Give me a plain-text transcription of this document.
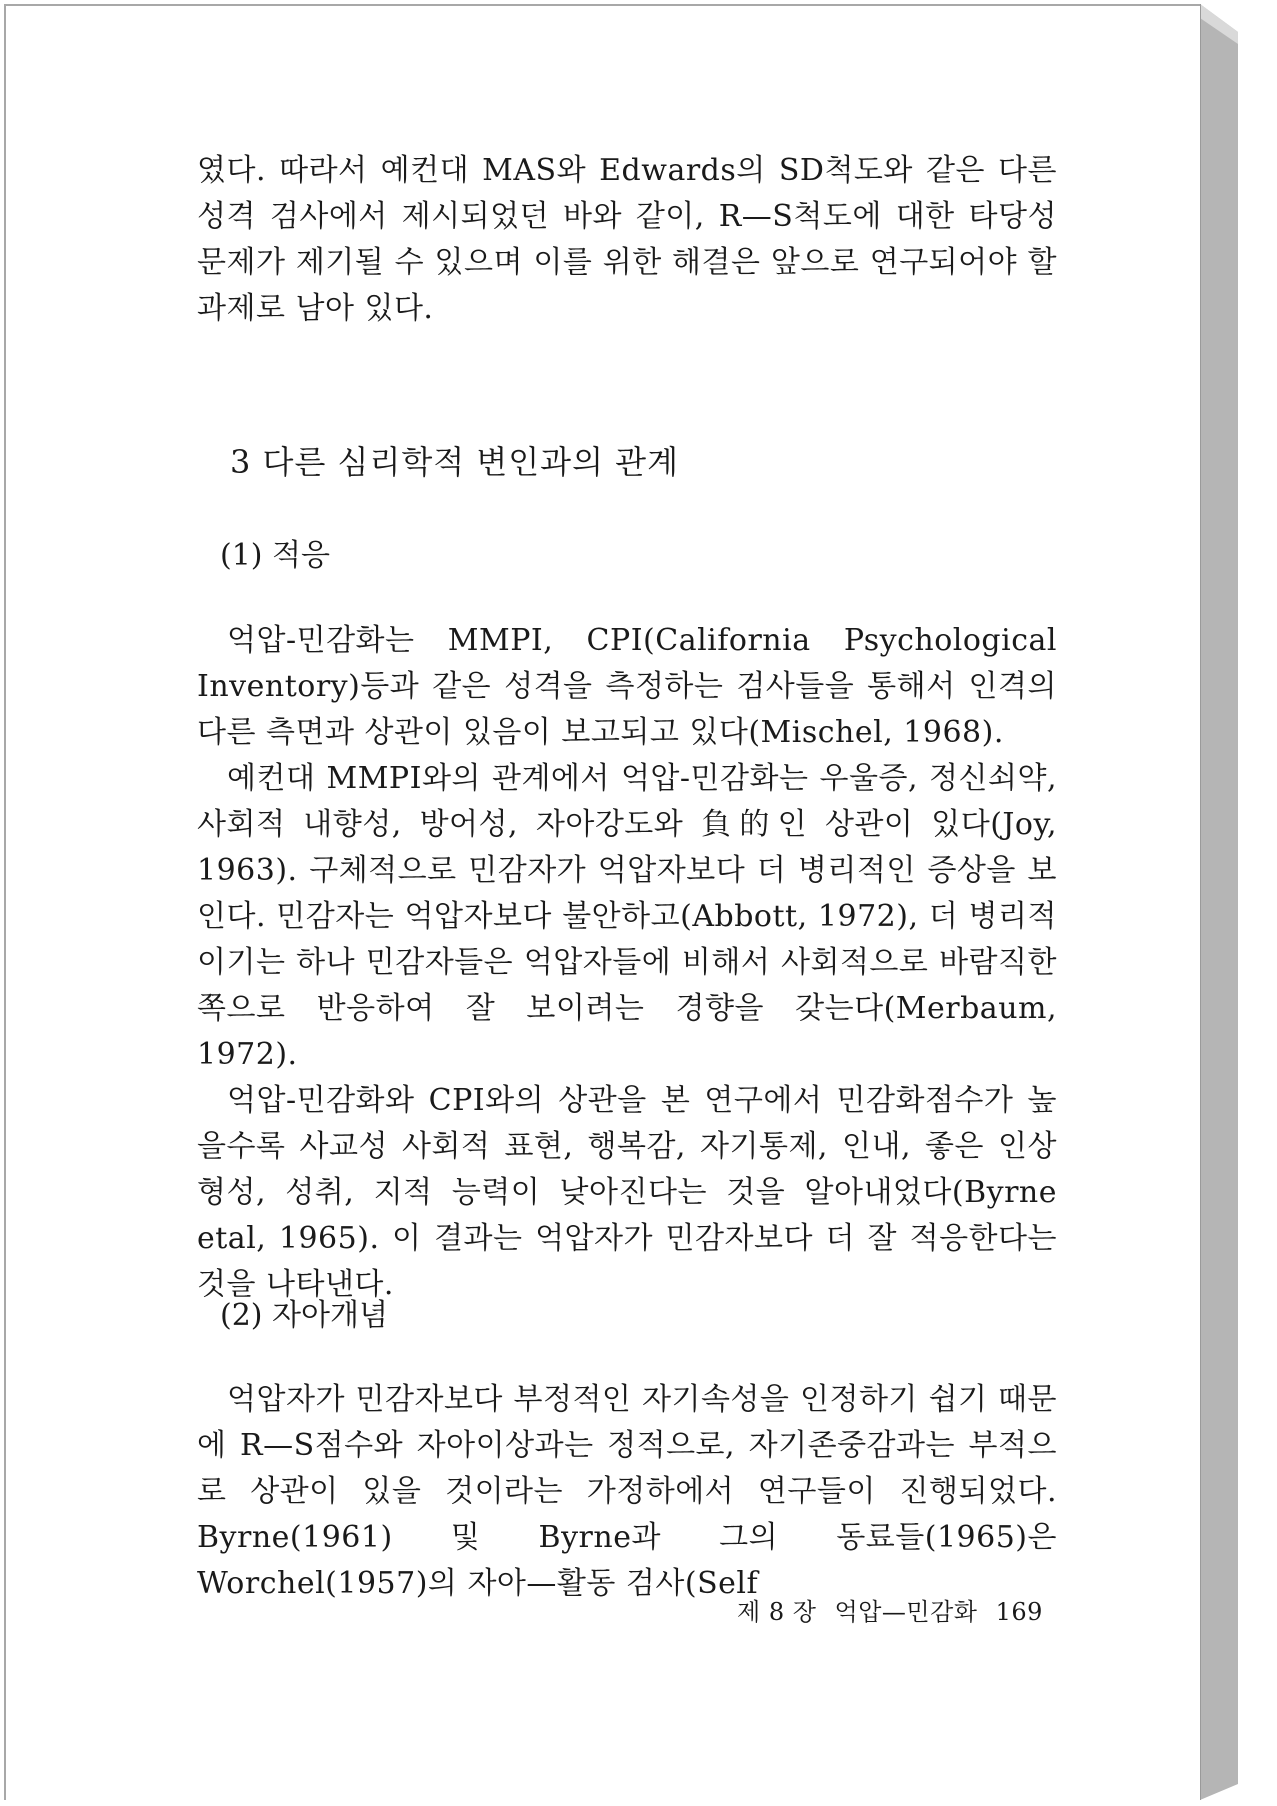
였다. 따라서 예컨대 MAS와 Edwards의 SD척도와 같은 다른 성격 검사에서 제시되었던 바와 같이, R—S척도에 대한 타당성 문제가 제기될 수 있으며 이를 위한 해결은 앞으로 연구되어야 할 과제로 남아 있다.

3 다른 심리학적 변인과의 관계
(1) 적응

억압-민감화는 MMPI, CPI(California Psychological Inventory)등과 같은 성격을 측정하는 검사들을 통해서 인격의 다른 측면과 상관이 있음이 보고되고 있다(Mischel, 1968).

예컨대 MMPI와의 관계에서 억압-민감화는 우울증, 정신쇠약, 사회적 내향성, 방어성, 자아강도와 負的인 상관이 있다(Joy, 1963). 구체적으로 민감자가 억압자보다 더 병리적인 증상을 보인다. 민감자는 억압자보다 불안하고(Abbott, 1972), 더 병리적이기는 하나 민감자들은 억압자들에 비해서 사회적으로 바람직한 쪽으로 반응하여 잘 보이려는 경향을 갖는다(Merbaum, 1972).

억압-민감화와 CPI와의 상관을 본 연구에서 민감화점수가 높을수록 사교성 사회적 표현, 행복감, 자기통제, 인내, 좋은 인상 형성, 성취, 지적 능력이 낮아진다는 것을 알아내었다(Byrne etal, 1965). 이 결과는 억압자가 민감자보다 더 잘 적응한다는 것을 나타낸다.

(2) 자아개념

억압자가 민감자보다 부정적인 자기속성을 인정하기 쉽기 때문에 R—S점수와 자아이상과는 정적으로, 자기존중감과는 부적으로 상관이 있을 것이라는 가정하에서 연구들이 진행되었다. Byrne(1961) 및 Byrne과 그의 동료들(1965)은 Worchel(1957)의 자아—활동 검사(Self

제 8 장 억압—민감화 169
